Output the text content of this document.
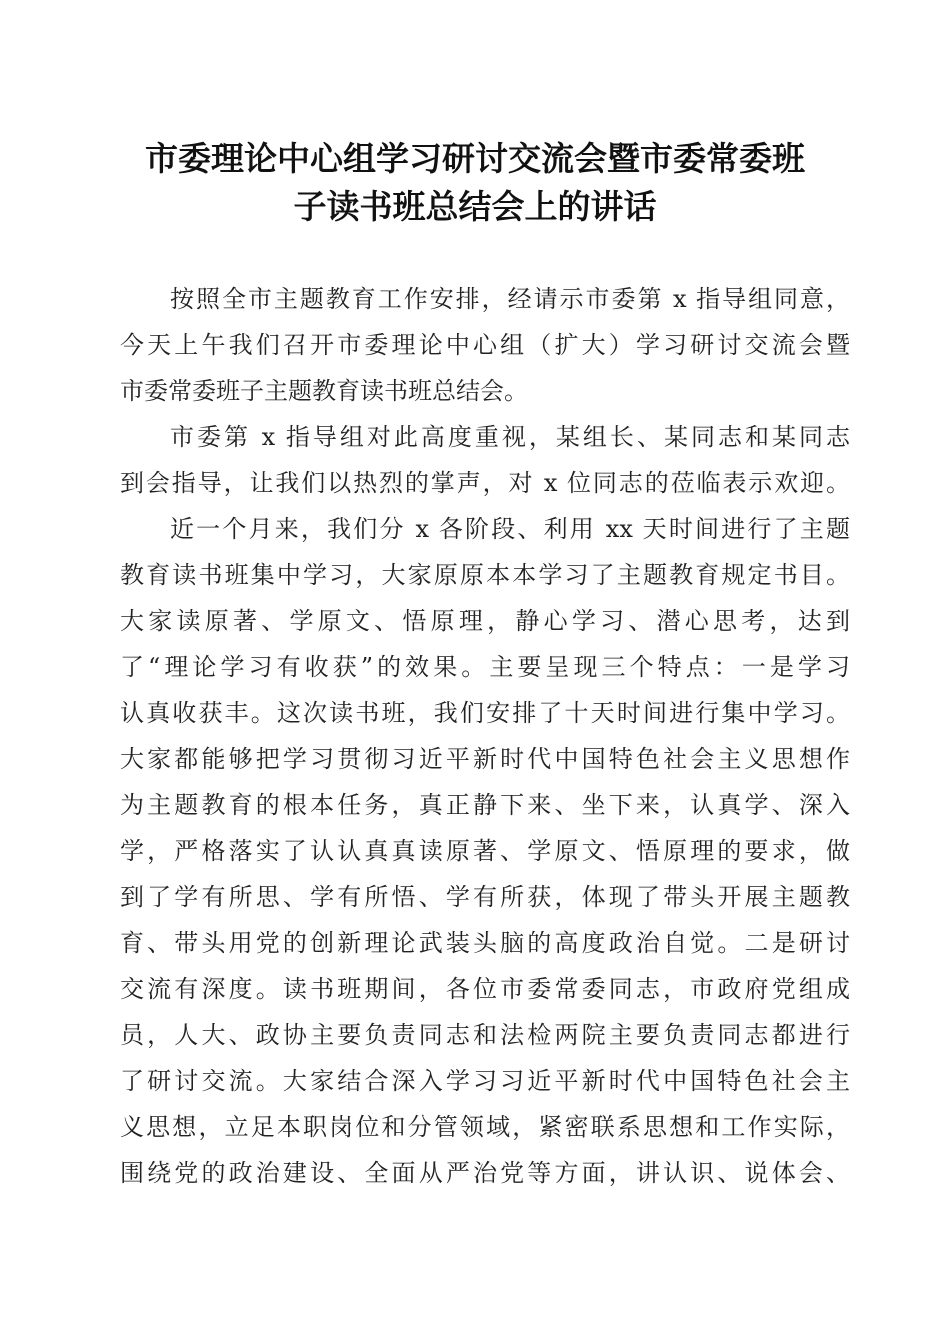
市委理论中心组学习研讨交流会暨市委常委班
子读书班总结会上的讲话
按照全市主题教育工作安排，经请示市委第 x 指导组同意，
今天上午我们召开市委理论中心组（扩大）学习研讨交流会暨
市委常委班子主题教育读书班总结会。
市委第 x 指导组对此高度重视，某组长、某同志和某同志
到会指导，让我们以热烈的掌声，对 x 位同志的莅临表示欢迎。
近一个月来，我们分 x 各阶段、利用 xx 天时间进行了主题
教育读书班集中学习，大家原原本本学习了主题教育规定书目。
大家读原著、学原文、悟原理，静心学习、潜心思考，达到
了“理论学习有收获”的效果。主要呈现三个特点：一是学习
认真收获丰。这次读书班，我们安排了十天时间进行集中学习。
大家都能够把学习贯彻习近平新时代中国特色社会主义思想作
为主题教育的根本任务，真正静下来、坐下来，认真学、深入
学，严格落实了认认真真读原著、学原文、悟原理的要求，做
到了学有所思、学有所悟、学有所获，体现了带头开展主题教
育、带头用党的创新理论武装头脑的高度政治自觉。二是研讨
交流有深度。读书班期间，各位市委常委同志，市政府党组成
员，人大、政协主要负责同志和法检两院主要负责同志都进行
了研讨交流。大家结合深入学习习近平新时代中国特色社会主
义思想，立足本职岗位和分管领域，紧密联系思想和工作实际，
围绕党的政治建设、全面从严治党等方面，讲认识、说体会、
